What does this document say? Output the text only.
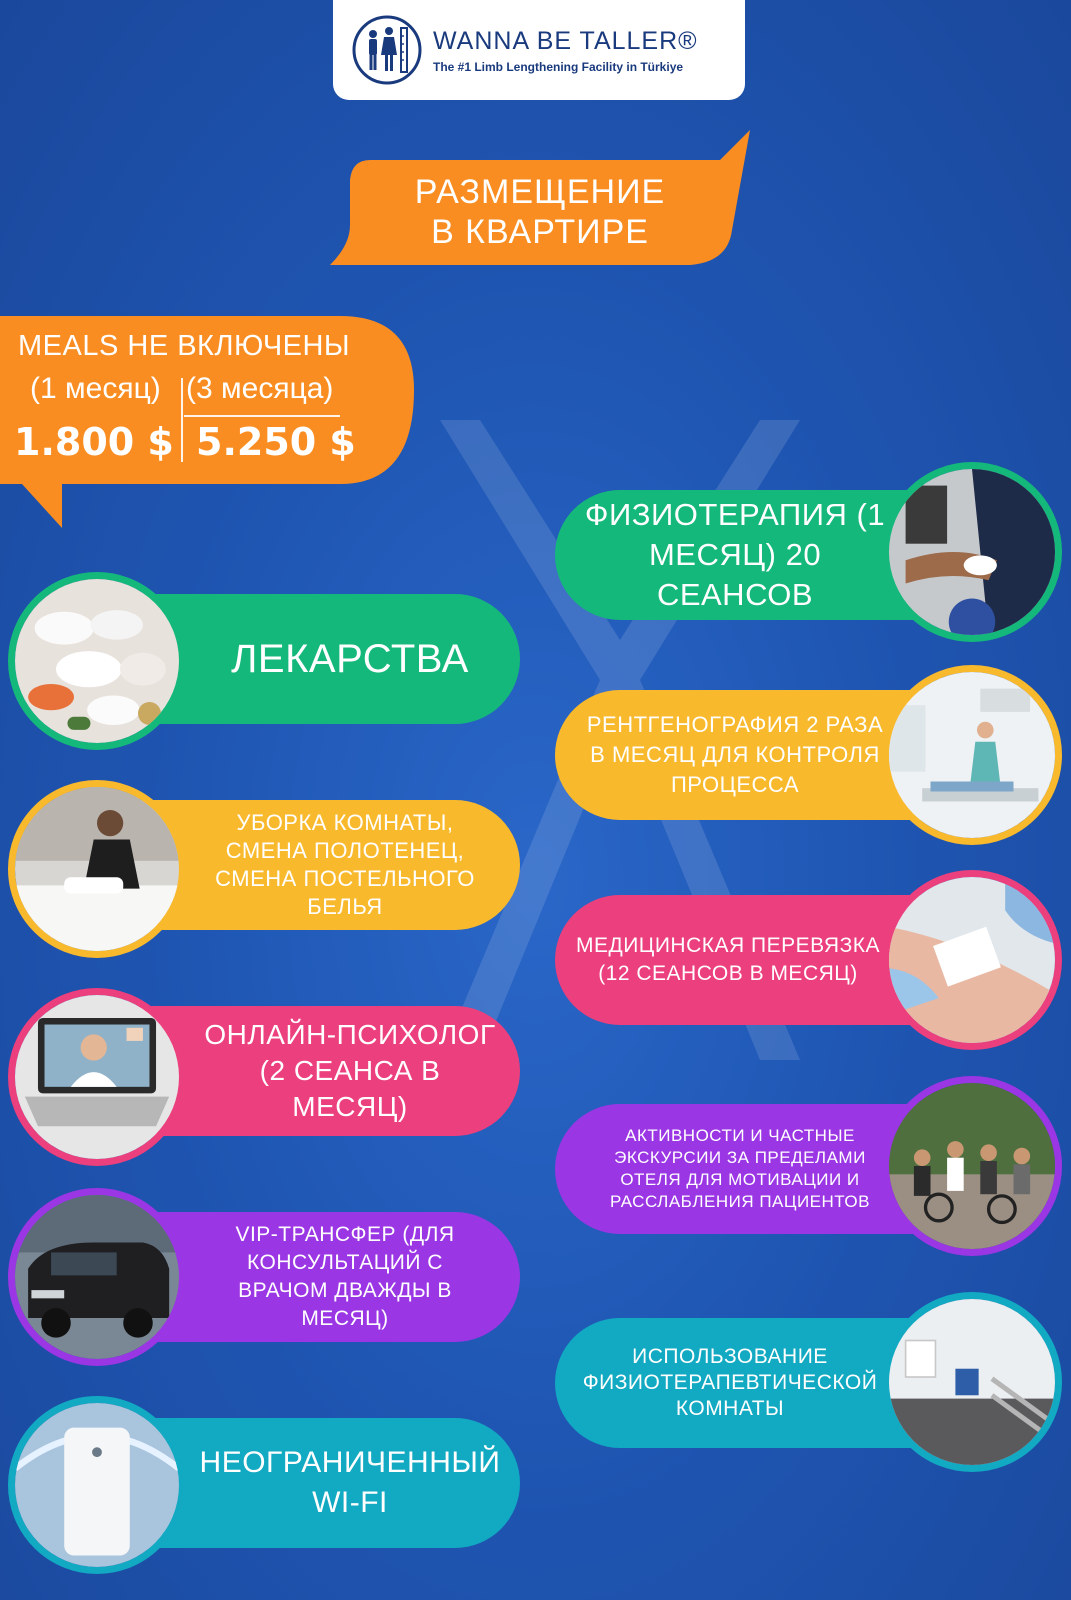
WANNA BE TALLER®
The #1 Limb Lengthening Facility in Türkiye
РАЗМЕЩЕНИЕ
В КВАРТИРЕ
MEALS НЕ ВКЛЮЧЕНЫ
(1 месяц) (3 месяца)
1.800 $ 5.250 $
ЛЕКАРСТВА
УБОРКА КОМНАТЫ, СМЕНА ПОЛОТЕНЕЦ, СМЕНА ПОСТЕЛЬНОГО БЕЛЬЯ
ОНЛАЙН-ПСИХОЛОГ (2 СЕАНСА В МЕСЯЦ)
VIP-ТРАНСФЕР (ДЛЯ КОНСУЛЬТАЦИЙ С ВРАЧОМ ДВАЖДЫ В МЕСЯЦ)
НЕОГРАНИЧЕННЫЙ WI-FI
ФИЗИОТЕРАПИЯ (1 МЕСЯЦ) 20 СЕАНСОВ
РЕНТГЕНОГРАФИЯ 2 РАЗА В МЕСЯЦ ДЛЯ КОНТРОЛЯ ПРОЦЕССА
МЕДИЦИНСКАЯ ПЕРЕВЯЗКА (12 СЕАНСОВ В МЕСЯЦ)
АКТИВНОСТИ И ЧАСТНЫЕ ЭКСКУРСИИ ЗА ПРЕДЕЛАМИ ОТЕЛЯ ДЛЯ МОТИВАЦИИ И РАССЛАБЛЕНИЯ ПАЦИЕНТОВ
ИСПОЛЬЗОВАНИЕ ФИЗИОТЕРАПЕВТИЧЕСКОЙ КОМНАТЫ
